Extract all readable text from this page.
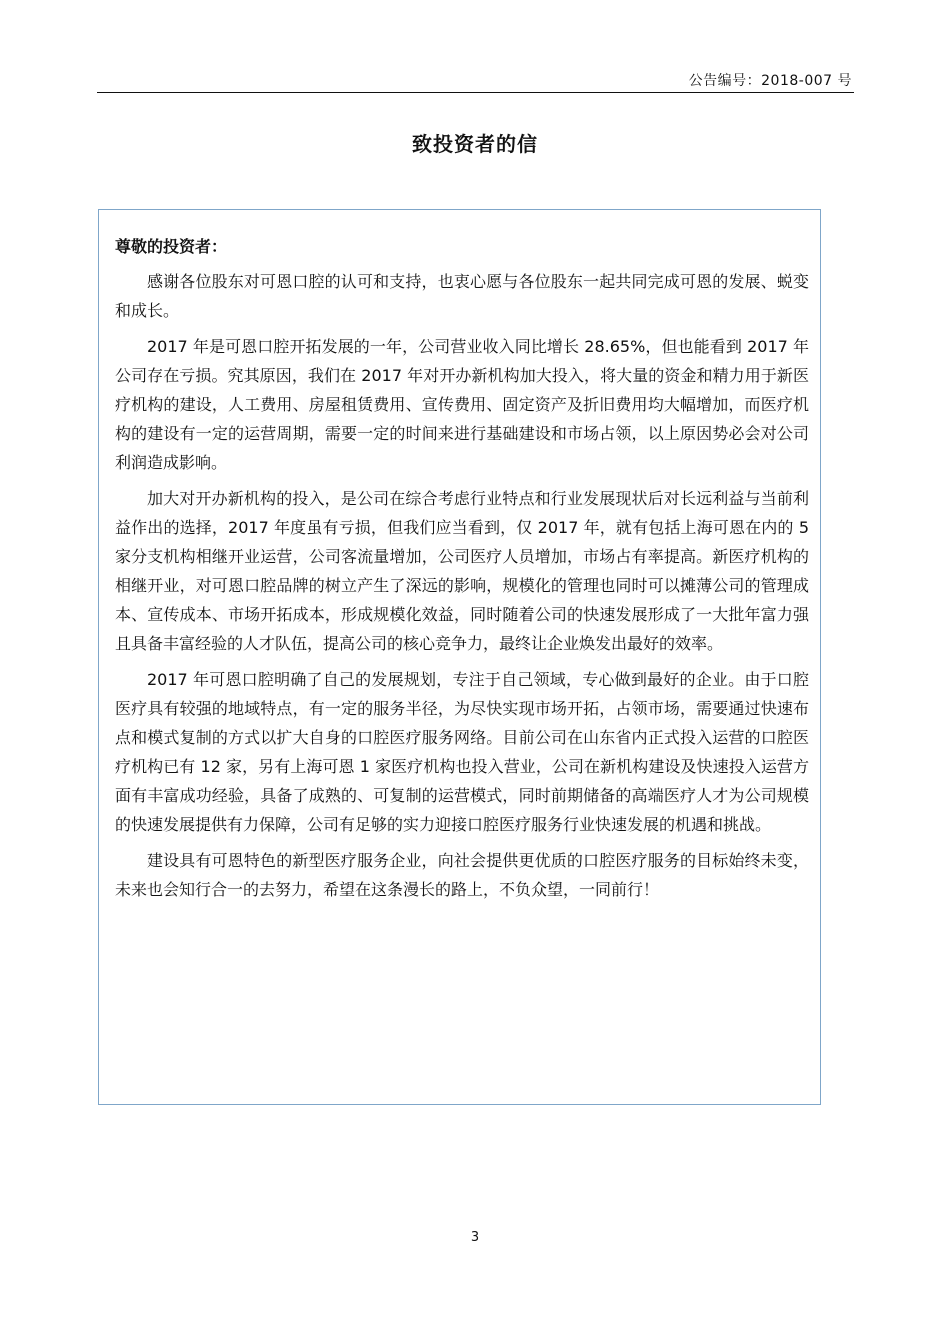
公告编号：2018-007 号
致投资者的信
尊敬的投资者：

感谢各位股东对可恩口腔的认可和支持，也衷心愿与各位股东一起共同完成可恩的发展、蜕变和成长。

2017 年是可恩口腔开拓发展的一年，公司营业收入同比增长 28.65%，但也能看到 2017 年公司存在亏损。究其原因，我们在 2017 年对开办新机构加大投入，将大量的资金和精力用于新医疗机构的建设，人工费用、房屋租赁费用、宣传费用、固定资产及折旧费用均大幅增加，而医疗机构的建设有一定的运营周期，需要一定的时间来进行基础建设和市场占领，以上原因势必会对公司利润造成影响。

加大对开办新机构的投入，是公司在综合考虑行业特点和行业发展现状后对长远利益与当前利益作出的选择，2017 年度虽有亏损，但我们应当看到，仅 2017 年，就有包括上海可恩在内的 5 家分支机构相继开业运营，公司客流量增加，公司医疗人员增加，市场占有率提高。新医疗机构的相继开业，对可恩口腔品牌的树立产生了深远的影响，规模化的管理也同时可以摊薄公司的管理成本、宣传成本、市场开拓成本，形成规模化效益，同时随着公司的快速发展形成了一大批年富力强且具备丰富经验的人才队伍，提高公司的核心竞争力，最终让企业焕发出最好的效率。

2017 年可恩口腔明确了自己的发展规划，专注于自己领域，专心做到最好的企业。由于口腔医疗具有较强的地域特点，有一定的服务半径，为尽快实现市场开拓，占领市场，需要通过快速布点和模式复制的方式以扩大自身的口腔医疗服务网络。目前公司在山东省内正式投入运营的口腔医疗机构已有 12 家，另有上海可恩 1 家医疗机构也投入营业，公司在新机构建设及快速投入运营方面有丰富成功经验，具备了成熟的、可复制的运营模式，同时前期储备的高端医疗人才为公司规模的快速发展提供有力保障，公司有足够的实力迎接口腔医疗服务行业快速发展的机遇和挑战。

建设具有可恩特色的新型医疗服务企业，向社会提供更优质的口腔医疗服务的目标始终未变，未来也会知行合一的去努力，希望在这条漫长的路上，不负众望，一同前行！

3
